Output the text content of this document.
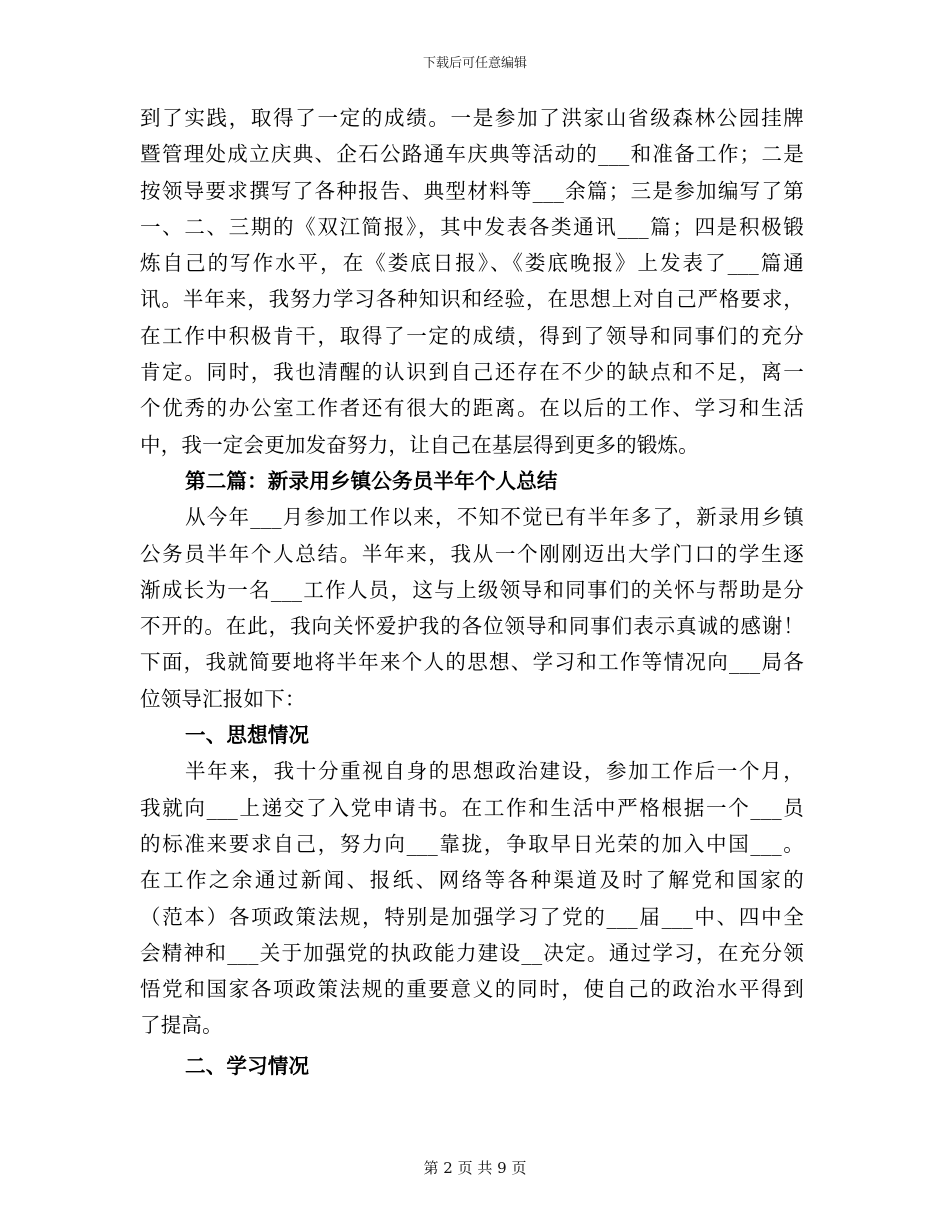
下载后可任意编辑
到了实践，取得了一定的成绩。一是参加了洪家山省级森林公园挂牌
暨管理处成立庆典、企石公路通车庆典等活动的___和准备工作；二是
按领导要求撰写了各种报告、典型材料等___余篇；三是参加编写了第
一、二、三期的《双江简报》，其中发表各类通讯___篇；四是积极锻
炼自己的写作水平，在《娄底日报》、《娄底晚报》上发表了___篇通
讯。半年来，我努力学习各种知识和经验，在思想上对自己严格要求，
在工作中积极肯干，取得了一定的成绩，得到了领导和同事们的充分
肯定。同时，我也清醒的认识到自己还存在不少的缺点和不足，离一
个优秀的办公室工作者还有很大的距离。在以后的工作、学习和生活
中，我一定会更加发奋努力，让自己在基层得到更多的锻炼。
第二篇：新录用乡镇公务员半年个人总结
从今年___月参加工作以来，不知不觉已有半年多了，新录用乡镇
公务员半年个人总结。半年来，我从一个刚刚迈出大学门口的学生逐
渐成长为一名___工作人员，这与上级领导和同事们的关怀与帮助是分
不开的。在此，我向关怀爱护我的各位领导和同事们表示真诚的感谢！
下面，我就简要地将半年来个人的思想、学习和工作等情况向___局各
位领导汇报如下：
一、思想情况
半年来，我十分重视自身的思想政治建设，参加工作后一个月，
我就向___上递交了入党申请书。在工作和生活中严格根据一个___员
的标准来要求自己，努力向___靠拢，争取早日光荣的加入中国___。
在工作之余通过新闻、报纸、网络等各种渠道及时了解党和国家的
（范本）各项政策法规，特别是加强学习了党的___届___中、四中全
会精神和___关于加强党的执政能力建设__决定。通过学习，在充分领
悟党和国家各项政策法规的重要意义的同时，使自己的政治水平得到
了提高。
二、学习情况
第 2 页 共 9 页
